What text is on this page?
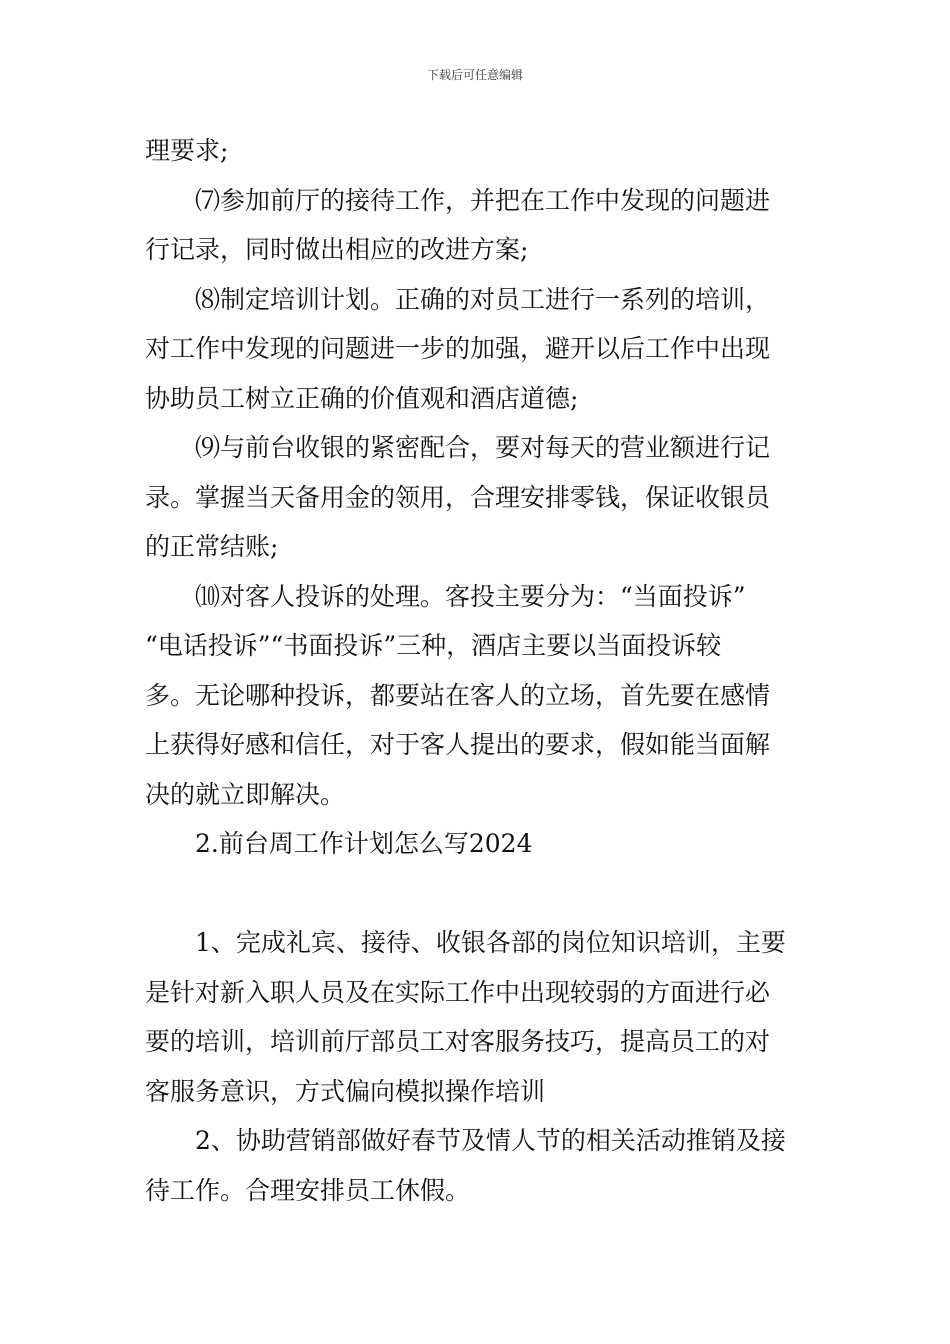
下载后可任意编辑
理要求;
⑺参加前厅的接待工作，并把在工作中发现的问题进
行记录，同时做出相应的改进方案;
⑻制定培训计划。正确的对员工进行一系列的培训，
对工作中发现的问题进一步的加强，避开以后工作中出现
协助员工树立正确的价值观和酒店道德;
⑼与前台收银的紧密配合，要对每天的营业额进行记
录。掌握当天备用金的领用，合理安排零钱，保证收银员
的正常结账;
⑽对客人投诉的处理。客投主要分为：“当面投诉”
“电话投诉”“书面投诉”三种，酒店主要以当面投诉较
多。无论哪种投诉，都要站在客人的立场，首先要在感情
上获得好感和信任，对于客人提出的要求，假如能当面解
决的就立即解决。
2.前台周工作计划怎么写2024
1、完成礼宾、接待、收银各部的岗位知识培训，主要
是针对新入职人员及在实际工作中出现较弱的方面进行必
要的培训，培训前厅部员工对客服务技巧，提高员工的对
客服务意识，方式偏向模拟操作培训
2、协助营销部做好春节及情人节的相关活动推销及接
待工作。合理安排员工休假。
